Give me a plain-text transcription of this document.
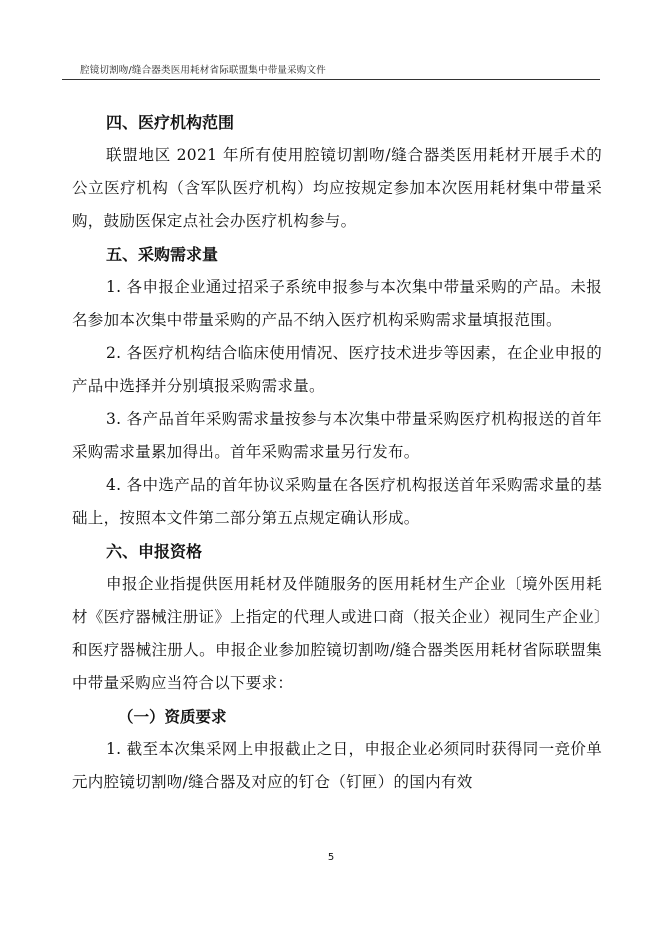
腔镜切割吻/缝合器类医用耗材省际联盟集中带量采购文件
四、医疗机构范围

联盟地区 2021 年所有使用腔镜切割吻/缝合器类医用耗材开展手术的公立医疗机构（含军队医疗机构）均应按规定参加本次医用耗材集中带量采购，鼓励医保定点社会办医疗机构参与。

五、采购需求量

1. 各申报企业通过招采子系统申报参与本次集中带量采购的产品。未报名参加本次集中带量采购的产品不纳入医疗机构采购需求量填报范围。

2. 各医疗机构结合临床使用情况、医疗技术进步等因素，在企业申报的产品中选择并分别填报采购需求量。

3. 各产品首年采购需求量按参与本次集中带量采购医疗机构报送的首年采购需求量累加得出。首年采购需求量另行发布。

4. 各中选产品的首年协议采购量在各医疗机构报送首年采购需求量的基础上，按照本文件第二部分第五点规定确认形成。

六、申报资格

申报企业指提供医用耗材及伴随服务的医用耗材生产企业〔境外医用耗材《医疗器械注册证》上指定的代理人或进口商（报关企业）视同生产企业〕和医疗器械注册人。申报企业参加腔镜切割吻/缝合器类医用耗材省际联盟集中带量采购应当符合以下要求：

（一）资质要求

1. 截至本次集采网上申报截止之日，申报企业必须同时获得同一竞价单元内腔镜切割吻/缝合器及对应的钉仓（钉匣）的国内有效

5
